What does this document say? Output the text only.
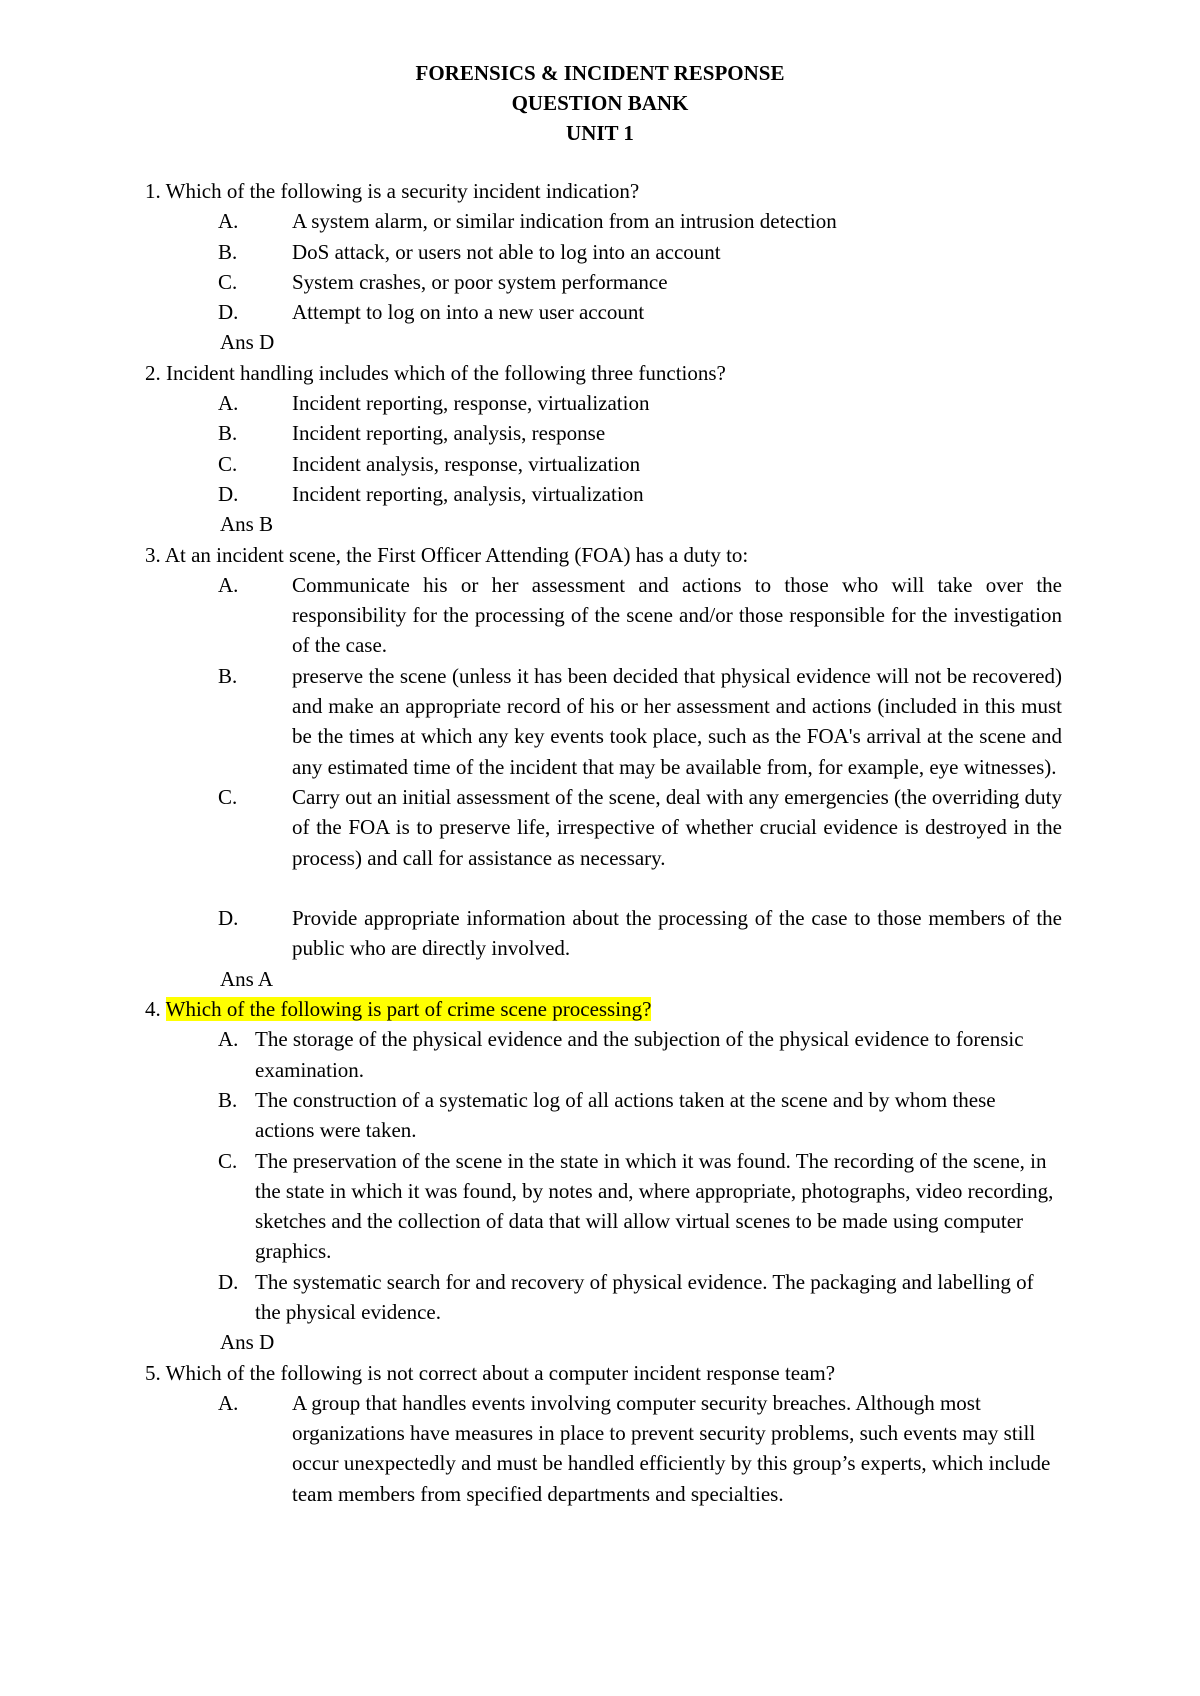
FORENSICS & INCIDENT RESPONSE
QUESTION BANK
UNIT 1
1. Which of the following is a security incident indication?
A.	A system alarm, or similar indication from an intrusion detection
B.	DoS attack, or users not able to log into an account
C.	System crashes, or poor system performance
D.	Attempt to log on into a new user account
Ans D
2. Incident handling includes which of the following three functions?
A.	Incident reporting, response, virtualization
B.	Incident reporting, analysis, response
C.	Incident analysis, response, virtualization
D.	Incident reporting, analysis, virtualization
Ans B
3. At an incident scene, the First Officer Attending (FOA) has a duty to:
A.	Communicate his or her assessment and actions to those who will take over the responsibility for the processing of the scene and/or those responsible for the investigation of the case.
B.	preserve the scene (unless it has been decided that physical evidence will not be recovered) and make an appropriate record of his or her assessment and actions (included in this must be the times at which any key events took place, such as the FOA's arrival at the scene and any estimated time of the incident that may be available from, for example, eye witnesses).
C.	Carry out an initial assessment of the scene, deal with any emergencies (the overriding duty of the FOA is to preserve life, irrespective of whether crucial evidence is destroyed in the process) and call for assistance as necessary.
D.	Provide appropriate information about the processing of the case to those members of the public who are directly involved.
Ans A
4. Which of the following is part of crime scene processing?
A. The storage of the physical evidence and the subjection of the physical evidence to forensic examination.
B. The construction of a systematic log of all actions taken at the scene and by whom these actions were taken.
C. The preservation of the scene in the state in which it was found. The recording of the scene, in the state in which it was found, by notes and, where appropriate, photographs, video recording, sketches and the collection of data that will allow virtual scenes to be made using computer graphics.
D. The systematic search for and recovery of physical evidence. The packaging and labelling of the physical evidence.
Ans D
5. Which of the following is not correct about a computer incident response team?
A.	A group that handles events involving computer security breaches. Although most organizations have measures in place to prevent security problems, such events may still occur unexpectedly and must be handled efficiently by this group’s experts, which include team members from specified departments and specialties.
